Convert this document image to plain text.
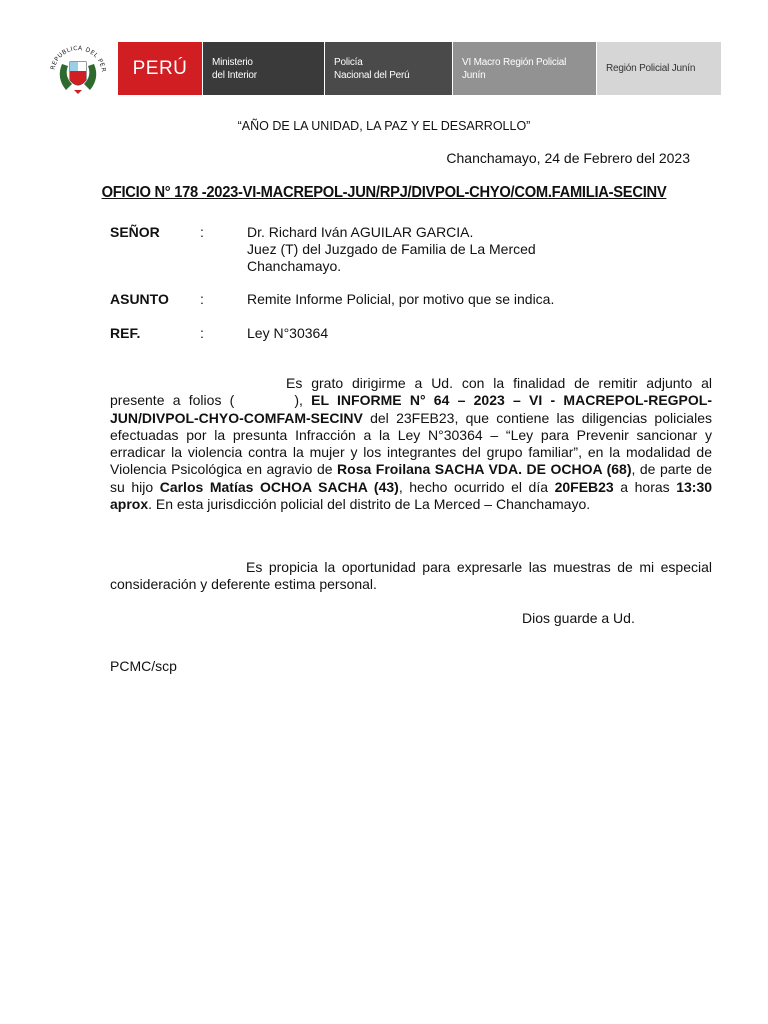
REPUBLICA DEL PER PERÚ Ministerio
del Interior
Policía
Nacional del Perú
VI Macro Región Policial
Junín
Región Policial Junín
“AÑO DE LA UNIDAD, LA PAZ Y EL DESARROLLO”
Chanchamayo, 24 de Febrero del 2023
OFICIO N° 178 -2023-VI-MACREPOL-JUN/RPJ/DIVPOL-CHYO/COM.FAMILIA-SECINV
SEÑOR	:	Dr. Richard Iván AGUILAR GARCIA.
Juez (T) del Juzgado de Familia de La Merced
Chanchamayo.
ASUNTO :	Remite Informe Policial, por motivo que se indica.
REF.	:	Ley N°30364
Es grato dirigirme a Ud. con la finalidad de remitir adjunto al presente a folios (	), EL INFORME N° 64 – 2023 – VI - MACREPOL-REGPOL-JUN/DIVPOL-CHYO-COMFAM-SECINV del 23FEB23, que contiene las diligencias policiales efectuadas por la presunta Infracción a la Ley N°30364 – “Ley para Prevenir sancionar y erradicar la violencia contra la mujer y los integrantes del grupo familiar”, en la modalidad de Violencia Psicológica en agravio de Rosa Froilana SACHA VDA. DE OCHOA (68), de parte de su hijo Carlos Matías OCHOA SACHA (43), hecho ocurrido el día 20FEB23 a horas 13:30 aprox. En esta jurisdicción policial del distrito de La Merced – Chanchamayo.
Es propicia la oportunidad para expresarle las muestras de mi especial consideración y deferente estima personal.
Dios guarde a Ud.
PCMC/scp
